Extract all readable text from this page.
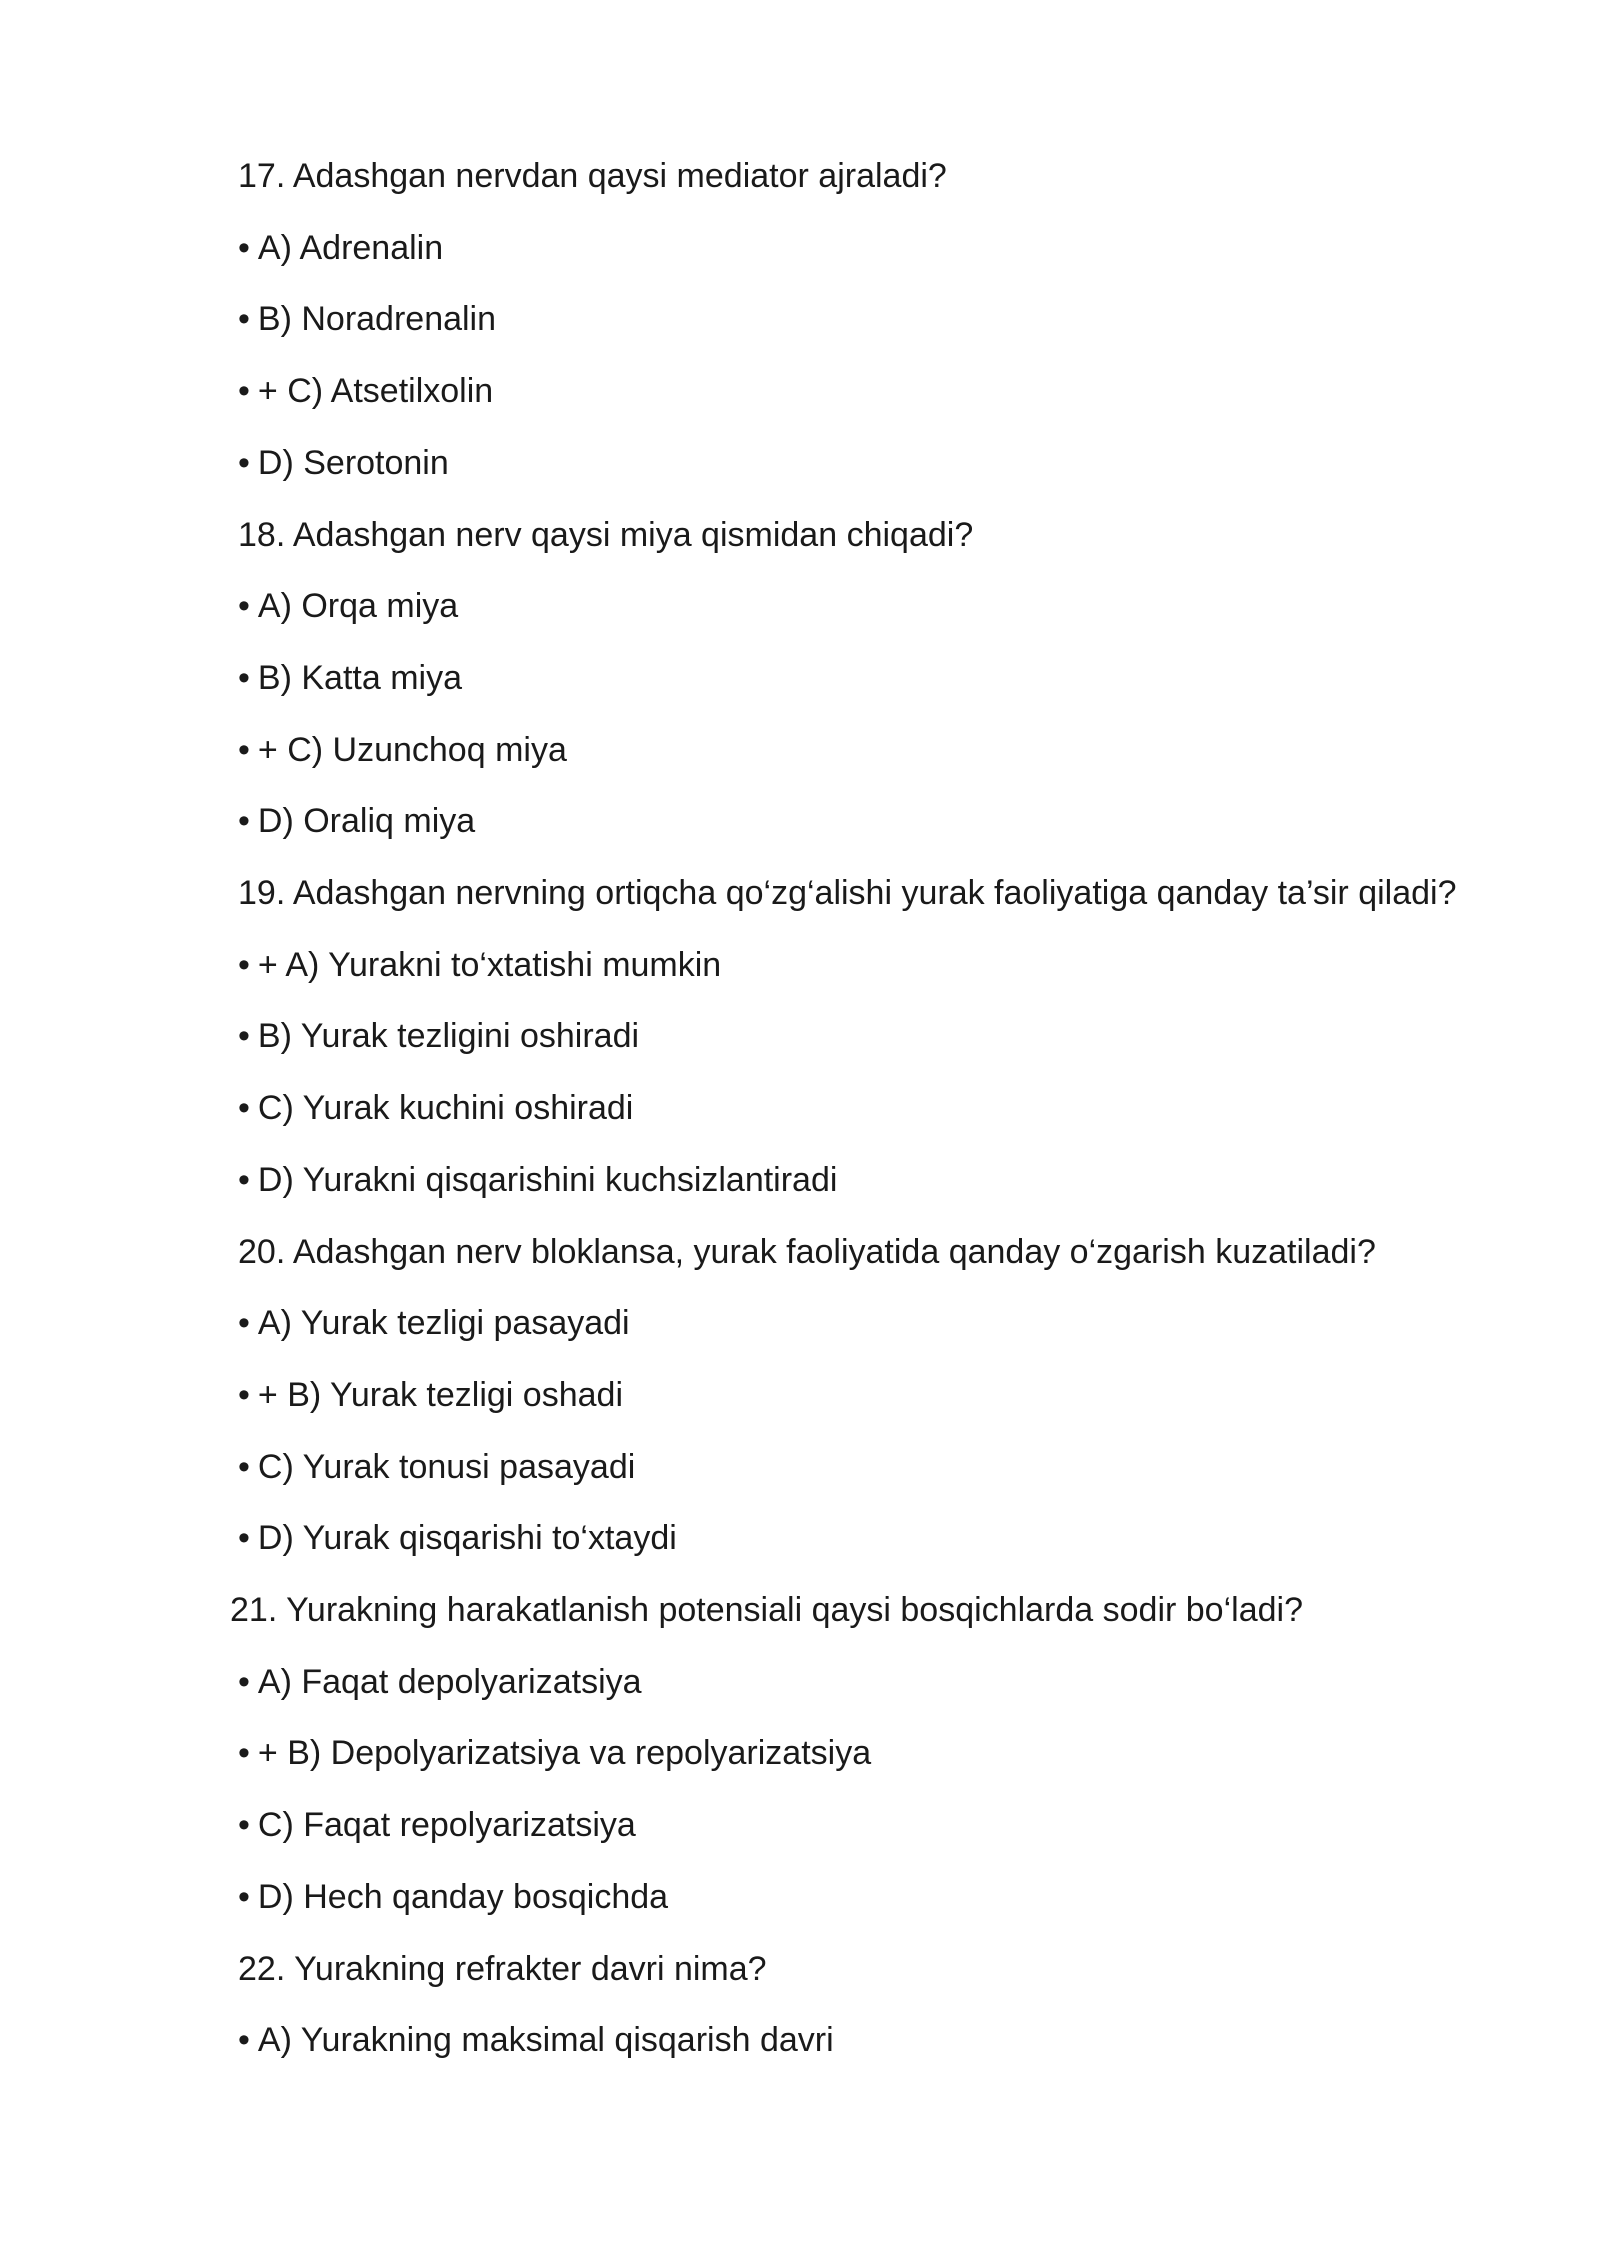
17. Adashgan nervdan qaysi mediator ajraladi?
• A) Adrenalin
• B) Noradrenalin
• + C) Atsetilxolin
• D) Serotonin
18. Adashgan nerv qaysi miya qismidan chiqadi?
• A) Orqa miya
• B) Katta miya
• + C) Uzunchoq miya
• D) Oraliq miya
19. Adashgan nervning ortiqcha qo‘zg‘alishi yurak faoliyatiga qanday ta’sir qiladi?
• + A) Yurakni to‘xtatishi mumkin
• B) Yurak tezligini oshiradi
• C) Yurak kuchini oshiradi
• D) Yurakni qisqarishini kuchsizlantiradi
20. Adashgan nerv bloklansa, yurak faoliyatida qanday o‘zgarish kuzatiladi?
• A) Yurak tezligi pasayadi
• + B) Yurak tezligi oshadi
• C) Yurak tonusi pasayadi
• D) Yurak qisqarishi to‘xtaydi
21. Yurakning harakatlanish potensiali qaysi bosqichlarda sodir bo‘ladi?
• A) Faqat depolyarizatsiya
• + B) Depolyarizatsiya va repolyarizatsiya
• C) Faqat repolyarizatsiya
• D) Hech qanday bosqichda
22. Yurakning refrakter davri nima?
• A) Yurakning maksimal qisqarish davri
